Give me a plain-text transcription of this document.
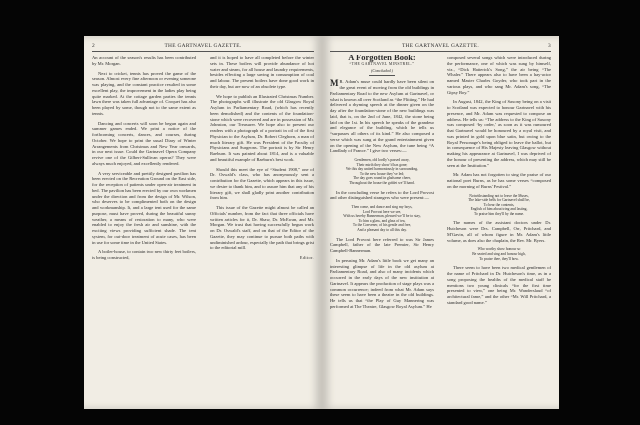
2	THE GARTNAVEL GAZETTE.

An account of the season's results has been contributed by Mr. Morgan.

Next to cricket, tennis has proved the game of the season. Almost every fine afternoon or evening someone was playing, and the constant practice resulted in some excellent play, the improvement in the ladies play being quite marked. At the cottage garden parties the tennis lawn there was taken full advantage of. Croquet has also been played by some, though not to the same extent as tennis.

Dancing and concerts will soon be begun again and summer games ended. We print a notice of the forthcoming concerts, dances, and courses, during October. We hope to print the usual Diary of Winter Arrangements from Christmas and New Year onwards, in our next issue. Could the Gartnavel Opera Company revive one of the Gilbert-Sullivan operas? They were always much enjoyed, and excellently rendered.

A very serviceable and prettily designed pavilion has been erected on the Recreation Ground on the East side, for the reception of patients under open-air treatment in bed. The pavilion has been erected by our own workmen under the direction and from the design of Mr. Wilson, who deserves to be complimented both on the design and workmanship. It, and a large tent used for the same purpose, must have proved, during the beautiful sunny weather, a means of restoration to many, who were enabled to enjoy the fresh air and sunshine, with the exciting views providing sufficient shade. The tent system, for out-door treatment of acute cases, has been in use for some time in the United States.

A boiler-house, to contain two new thirty feet boilers, is being constructed,

and it is hoped to have all completed before the winter sets in. These boilers will provide abundance of hot water and steam, for all house and laundry requirements, besides effecting a large saving in consumption of coal and labour. The present boilers have done good work in their day, but are now of an obsolete type.

We hope to publish an Illustrated Christmas Number. The photographs will illustrate the old Glasgow Royal Asylum in Parliamentary Road, (which has recently been demolished) and the contents of the foundation-stone which were recovered and are in possession of Mr. Johnston, our Treasurer. We hope also to present our readers with a photograph of a portrait in oil of the first Physician to the Asylum, Dr. Robert Cleghorn, a man of much literary gift. He was President of the Faculty of Physicians and Surgeons. The portrait is by Sir Henry Raeburn. It was painted about 1814, and is a valuable and beautiful example of Raeburn's best work.

Should this meet the eye of “Student 1908,” one of Dr. Oswald's class, who has anonymously sent a contribution for the Gazette, which appears in this issue, we desire to thank him, and to assure him that any of his literary gift, we shall gladly print another contribution from him.

This issue of the Gazette might almost be called an Officials' number, from the fact that three officials have written articles for it, Dr. Shaw, Dr. McEwan, and Mr. Morgan. We trust that having successfully begun work on Dr. Oswald's staff, and on that of the Editor of the Gazette, they may continue to pursue both paths with undiminished ardour, especially the path that brings grist to the editorial mill.

Editor.
THE GARTNAVEL GAZETTE.	3
A Forgotten Book:
“THE GARTNAVEL MINSTREL.”
(Concluded.)

M R. Adam's muse could hardly have been silent on the great event of moving from the old buildings in Parliamentary Road to the new Asylum at Gartnavel, or what is known all over Scotland as “the Flitting.” He had delivered a rhyming speech at the dinner given on the day after the foundation-stone of the new buildings was laid, that is, on the 2nd of June, 1842, the stone being laid on the 1st. In his speech he speaks of the grandeur and elegance of the building, which he tells us “surpasses all others of its kind.” He also composed a verse which was sung at the grand entertainment given on the opening of the New Asylum, the tune being “A Landlady of France.” I give two verses:—

Gentlemen, old lordly’s passed away,
Their mirth they show’d has gone;
We this day united harmoniously in surrounding,
To the new house they’ve led;
The day goes round in gladsome cheer,
Throughout the house the goblet we’ll hand.

In the concluding verse he refers to the Lord Provost and other distinguished strangers who were present:—

Then come, and dance and sing my boys,
Lord Provost here we see,
With us hereby Bannerman, pleased we’ll be to stay,
To him a glass, and glass of tea,
To the Convener, of his gentle and free,
And a pleasant day to all this day.

The Lord Provost here referred to was Sir James Campbell, father of the late Premier, Sir Henry Campbell-Bannerman.

In perusing Mr. Adam's little book we get many an interesting glimpse of life in the old asylum at Parliamentary Road, and also of many incidents which occurred in the early days of the new institution at Gartnavel. It appears the production of stage plays was a common occurrence; indeed from what Mr. Adam says these seem to have been a theatre in the old buildings. He tells us that “the Play of Guy Mannering was performed at The Theatre, Glasgow Royal Asylum.” He

composed several songs which were introduced during the performance, one of which was sung by himself, viz., “Dick Hatterick's Song,” the air being “The Whaler.” There appears also to have been a hay-actor named Master Charles Goyder, who took part in the various plays, and who sang Mr. Adam's song, “The Gipsy Boy.”

In August, 1842, the King of Saxony being on a visit to Scotland was expected to honour Gartnavel with his presence, and Mr. Adam was requested to compose an address. He tells us: “The address to the King of Saxony was composed ‘by order,’ as soon as it was rumoured that Gartnavel would be honoured by a royal visit, and was printed in gold upon blue satin, but owing to the Royal Personage's being obliged to leave the ballot, but in consequence of His Majesty leaving Glasgow without making his appearance at Gartnavel, I was deprived of the honour of presenting the address, which may still be seen at the Institution.”

Mr. Adam has not forgotten to sing the praise of our national poet Burns, as he has some verses “composed on the morning of Burns' Festival.”

Notwithstanding not to leave the Muses,
The lake-side bells for Gartnavel shall be,
To hear the contents,
English of him about tring and lasting,
To praise him they'll by the name.

The names of the assistant doctors under Dr. Hutcheson were Drs. Campbell, Orr, Pritchard, and M'Gavin, all of whom figure in Mr. Adam's little volume, as does also the chaplain, the Rev. Mr. Byers.

Who worthy show honour so
Be seated and sing and honour high,
To praise thee, they'll bow.

There seem to have been two medical gentlemen of the name of Pritchard in Dr. Hutcheson's time, as in a song proposing the healths of the medical staff he mentions two young clinicals “for the first time presented to view,” one being Mr. Wanderslaud “of architectural fame,” and the other “Mr. Will Pritchard, a standard good name.”
